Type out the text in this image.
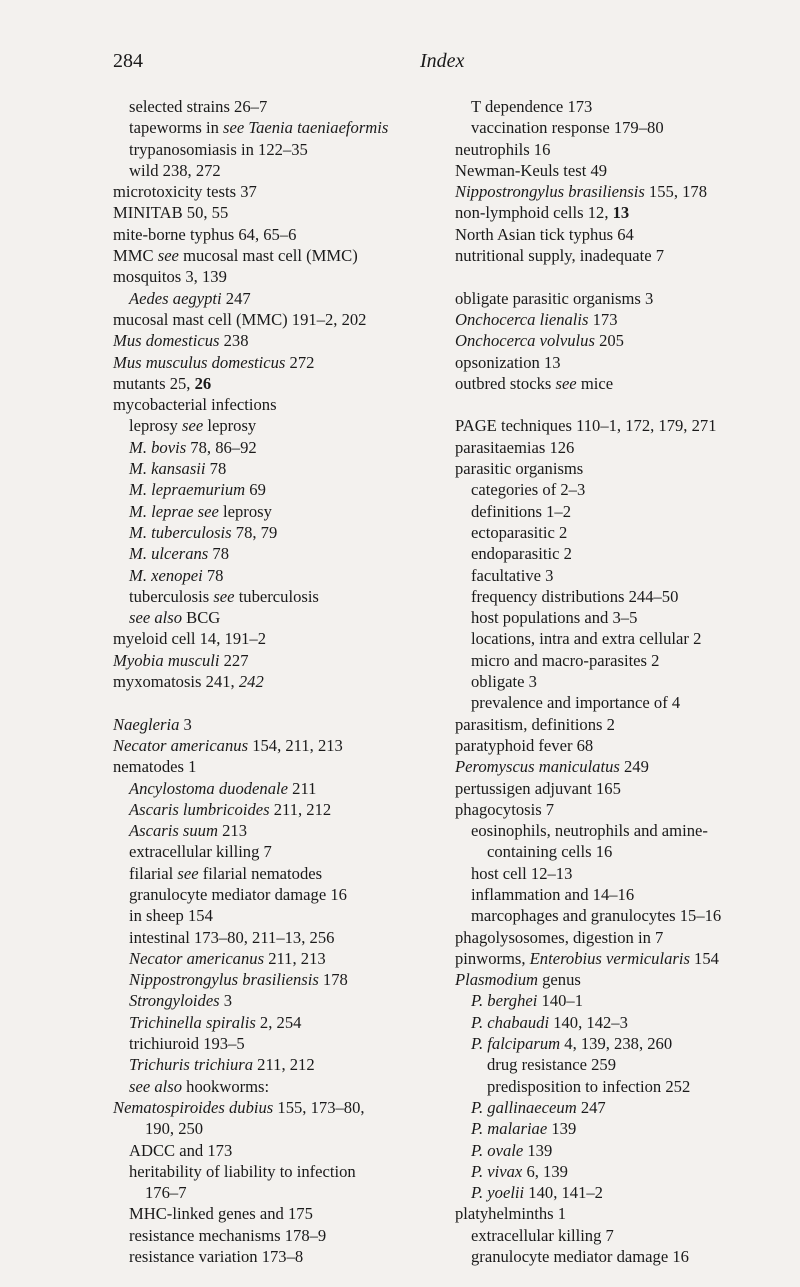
284	Index
selected strains 26–7
tapeworms in see Taenia taeniaeformis
trypanosomiasis in 122–35
wild 238, 272
microtoxicity tests 37
MINITAB 50, 55
mite-borne typhus 64, 65–6
MMC see mucosal mast cell (MMC)
mosquitos 3, 139
Aedes aegypti 247
mucosal mast cell (MMC) 191–2, 202
Mus domesticus 238
Mus musculus domesticus 272
mutants 25, 26
mycobacterial infections
leprosy see leprosy
M. bovis 78, 86–92
M. kansasii 78
M. lepraemurium 69
M. leprae see leprosy
M. tuberculosis 78, 79
M. ulcerans 78
M. xenopei 78
tuberculosis see tuberculosis
see also BCG
myeloid cell 14, 191–2
Myobia musculi 227
myxomatosis 241, 242
Naegleria 3
Necator americanus 154, 211, 213
nematodes 1
Ancylostoma duodenale 211
Ascaris lumbricoides 211, 212
Ascaris suum 213
extracellular killing 7
filarial see filarial nematodes
granulocyte mediator damage 16
in sheep 154
intestinal 173–80, 211–13, 256
Necator americanus 211, 213
Nippostrongylus brasiliensis 178
Strongyloides 3
Trichinella spiralis 2, 254
trichiuroid 193–5
Trichuris trichiura 211, 212
see also hookworms:
Nematospiroides dubius 155, 173–80,
190, 250
ADCC and 173
heritability of liability to infection
176–7
MHC-linked genes and 175
resistance mechanisms 178–9
resistance variation 173–8
T dependence 173
vaccination response 179–80
neutrophils 16
Newman-Keuls test 49
Nippostrongylus brasiliensis 155, 178
non-lymphoid cells 12, 13
North Asian tick typhus 64
nutritional supply, inadequate 7
obligate parasitic organisms 3
Onchocerca lienalis 173
Onchocerca volvulus 205
opsonization 13
outbred stocks see mice
PAGE techniques 110–1, 172, 179, 271
parasitaemias 126
parasitic organisms
categories of 2–3
definitions 1–2
ectoparasitic 2
endoparasitic 2
facultative 3
frequency distributions 244–50
host populations and 3–5
locations, intra and extra cellular 2
micro and macro-parasites 2
obligate 3
prevalence and importance of 4
parasitism, definitions 2
paratyphoid fever 68
Peromyscus maniculatus 249
pertussigen adjuvant 165
phagocytosis 7
eosinophils, neutrophils and amine-
containing cells 16
host cell 12–13
inflammation and 14–16
marcophages and granulocytes 15–16
phagolysosomes, digestion in 7
pinworms, Enterobius vermicularis 154
Plasmodium genus
P. berghei 140–1
P. chabaudi 140, 142–3
P. falciparum 4, 139, 238, 260
drug resistance 259
predisposition to infection 252
P. gallinaeceum 247
P. malariae 139
P. ovale 139
P. vivax 6, 139
P. yoelii 140, 141–2
platyhelminths 1
extracellular killing 7
granulocyte mediator damage 16
